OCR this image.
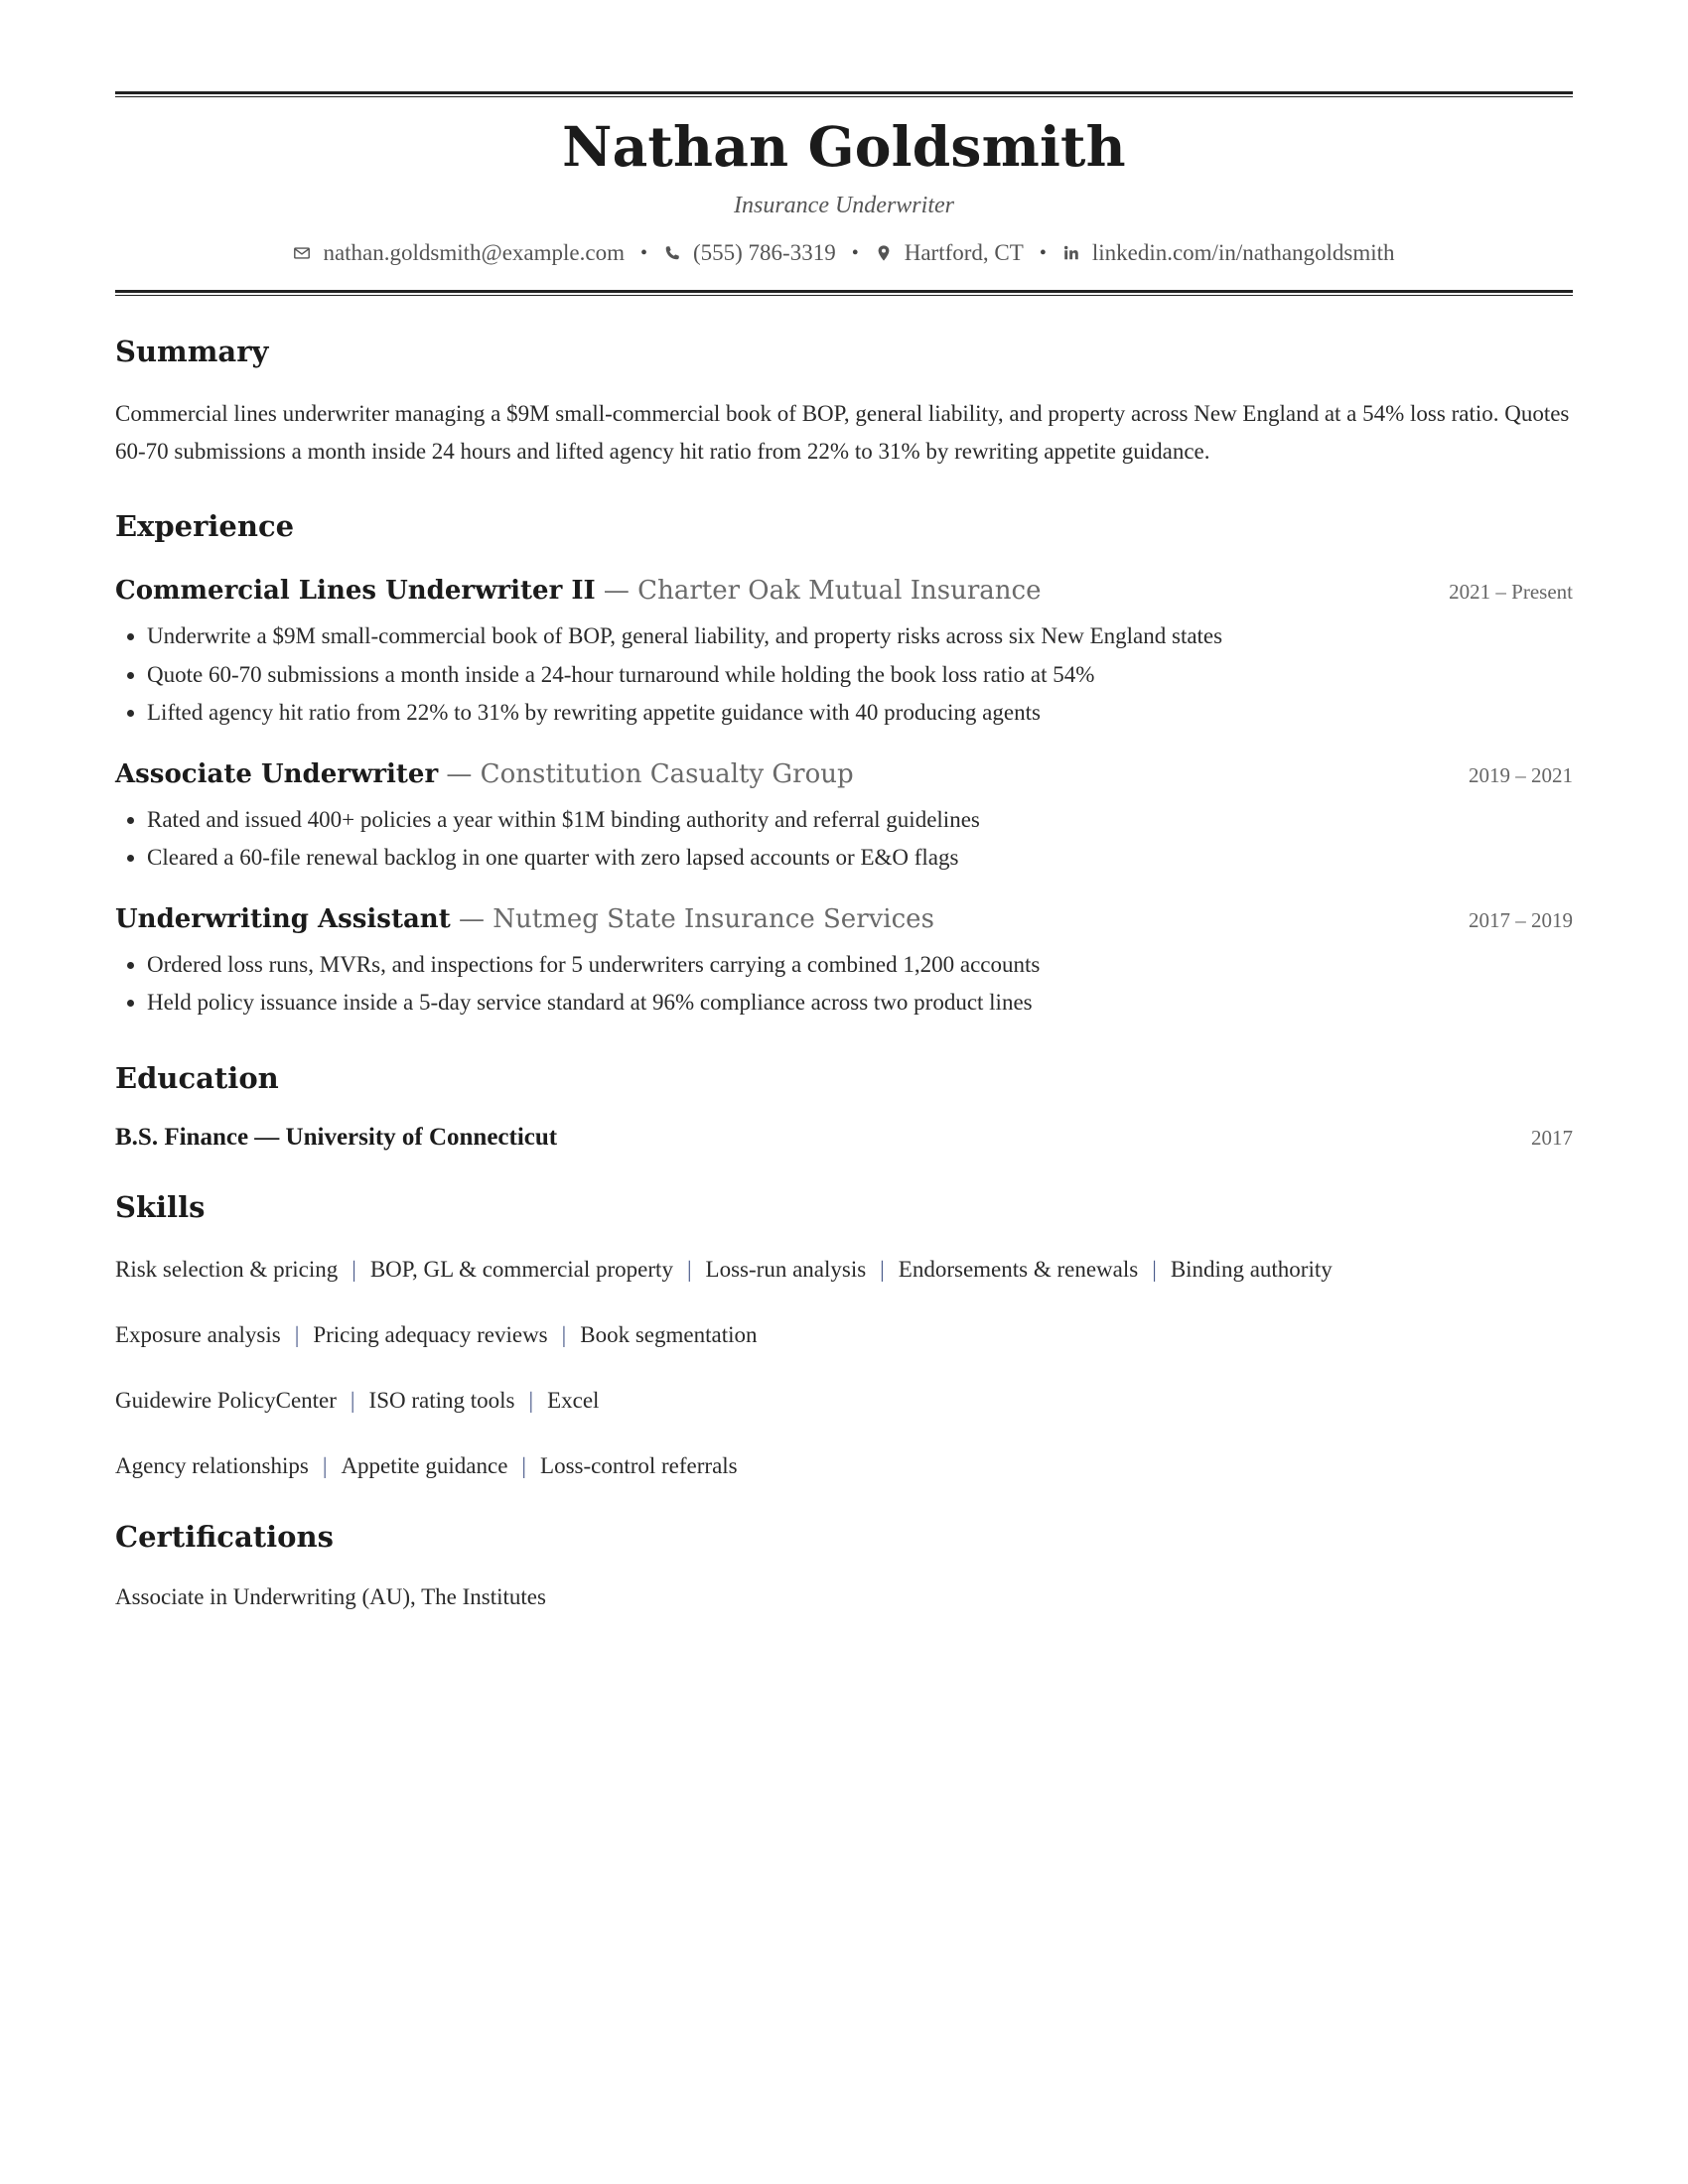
Nathan Goldsmith
Insurance Underwriter
nathan.goldsmith@example.com • (555) 786-3319 • Hartford, CT • linkedin.com/in/nathangoldsmith
Summary
Commercial lines underwriter managing a $9M small-commercial book of BOP, general liability, and property across New England at a 54% loss ratio. Quotes 60-70 submissions a month inside 24 hours and lifted agency hit ratio from 22% to 31% by rewriting appetite guidance.
Experience
Commercial Lines Underwriter II — Charter Oak Mutual Insurance	2021 – Present
• Underwrite a $9M small-commercial book of BOP, general liability, and property risks across six New England states
• Quote 60-70 submissions a month inside a 24-hour turnaround while holding the book loss ratio at 54%
• Lifted agency hit ratio from 22% to 31% by rewriting appetite guidance with 40 producing agents
Associate Underwriter — Constitution Casualty Group	2019 – 2021
• Rated and issued 400+ policies a year within $1M binding authority and referral guidelines
• Cleared a 60-file renewal backlog in one quarter with zero lapsed accounts or E&O flags
Underwriting Assistant — Nutmeg State Insurance Services	2017 – 2019
• Ordered loss runs, MVRs, and inspections for 5 underwriters carrying a combined 1,200 accounts
• Held policy issuance inside a 5-day service standard at 96% compliance across two product lines
Education
B.S. Finance — University of Connecticut	2017
Skills
Risk selection & pricing | BOP, GL & commercial property | Loss-run analysis | Endorsements & renewals | Binding authority
Exposure analysis | Pricing adequacy reviews | Book segmentation
Guidewire PolicyCenter | ISO rating tools | Excel
Agency relationships | Appetite guidance | Loss-control referrals
Certifications
Associate in Underwriting (AU), The Institutes
